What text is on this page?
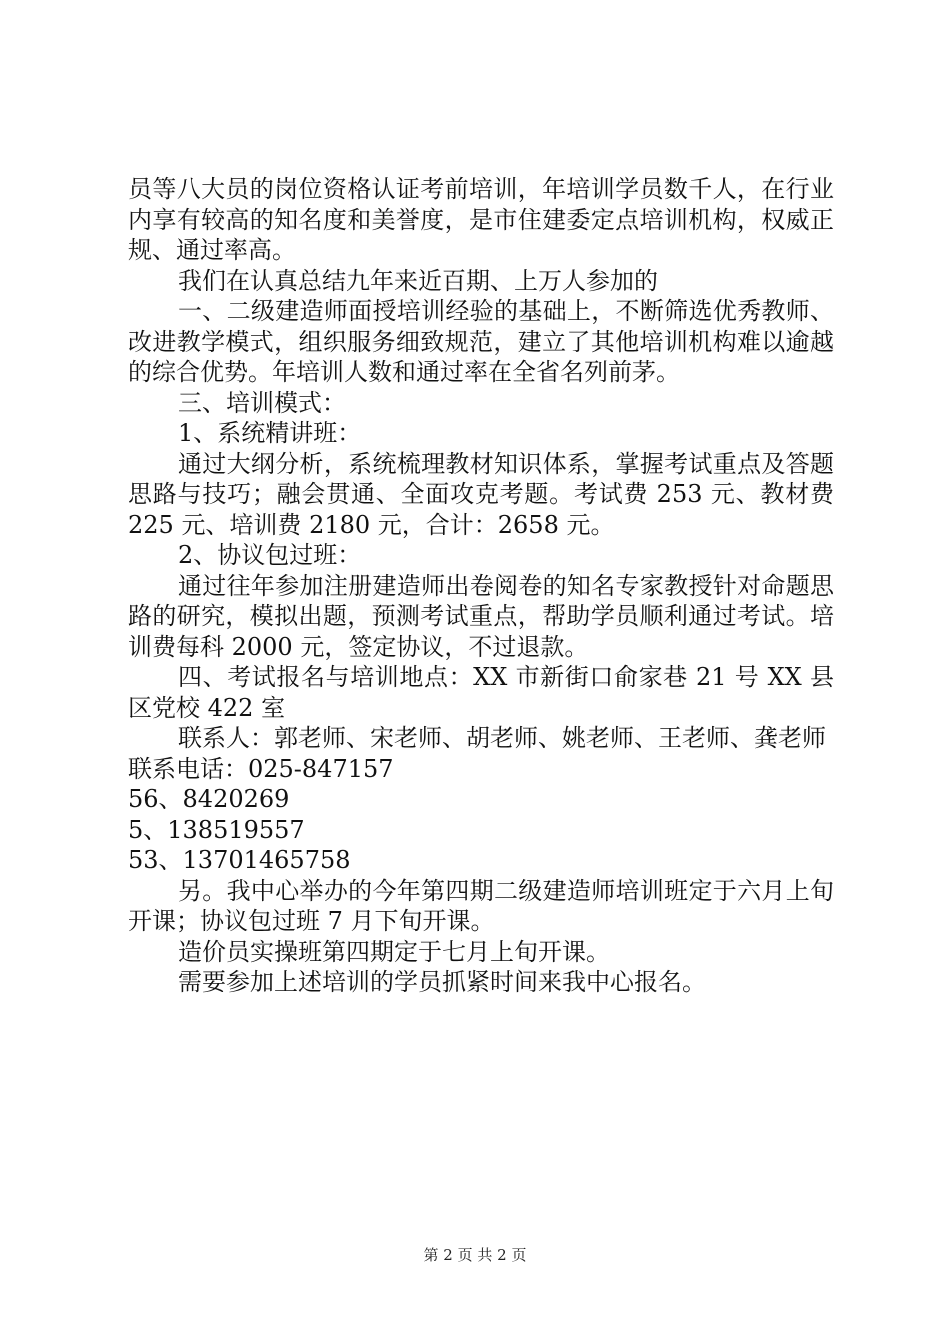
员等八大员的岗位资格认证考前培训，年培训学员数千人，在行业内享有较高的知名度和美誉度，是市住建委定点培训机构，权威正规、通过率高。

我们在认真总结九年来近百期、上万人参加的

一、二级建造师面授培训经验的基础上，不断筛选优秀教师、改进教学模式，组织服务细致规范，建立了其他培训机构难以逾越的综合优势。年培训人数和通过率在全省名列前茅。

三、培训模式：

1、系统精讲班：

通过大纲分析，系统梳理教材知识体系，掌握考试重点及答题思路与技巧；融会贯通、全面攻克考题。考试费 253 元、教材费 225 元、培训费 2180 元，合计：2658 元。

2、协议包过班：

通过往年参加注册建造师出卷阅卷的知名专家教授针对命题思路的研究，模拟出题，预测考试重点，帮助学员顺利通过考试。培训费每科 2000 元，签定协议，不过退款。

四、考试报名与培训地点：XX 市新街口俞家巷 21 号 XX 县区党校 422 室

联系人：郭老师、宋老师、胡老师、姚老师、王老师、龚老师

联系电话：025-847157

56、8420269

5、138519557

53、13701465758

另。我中心举办的今年第四期二级建造师培训班定于六月上旬开课；协议包过班 7 月下旬开课。

造价员实操班第四期定于七月上旬开课。

需要参加上述培训的学员抓紧时间来我中心报名。

第 2 页 共 2 页
